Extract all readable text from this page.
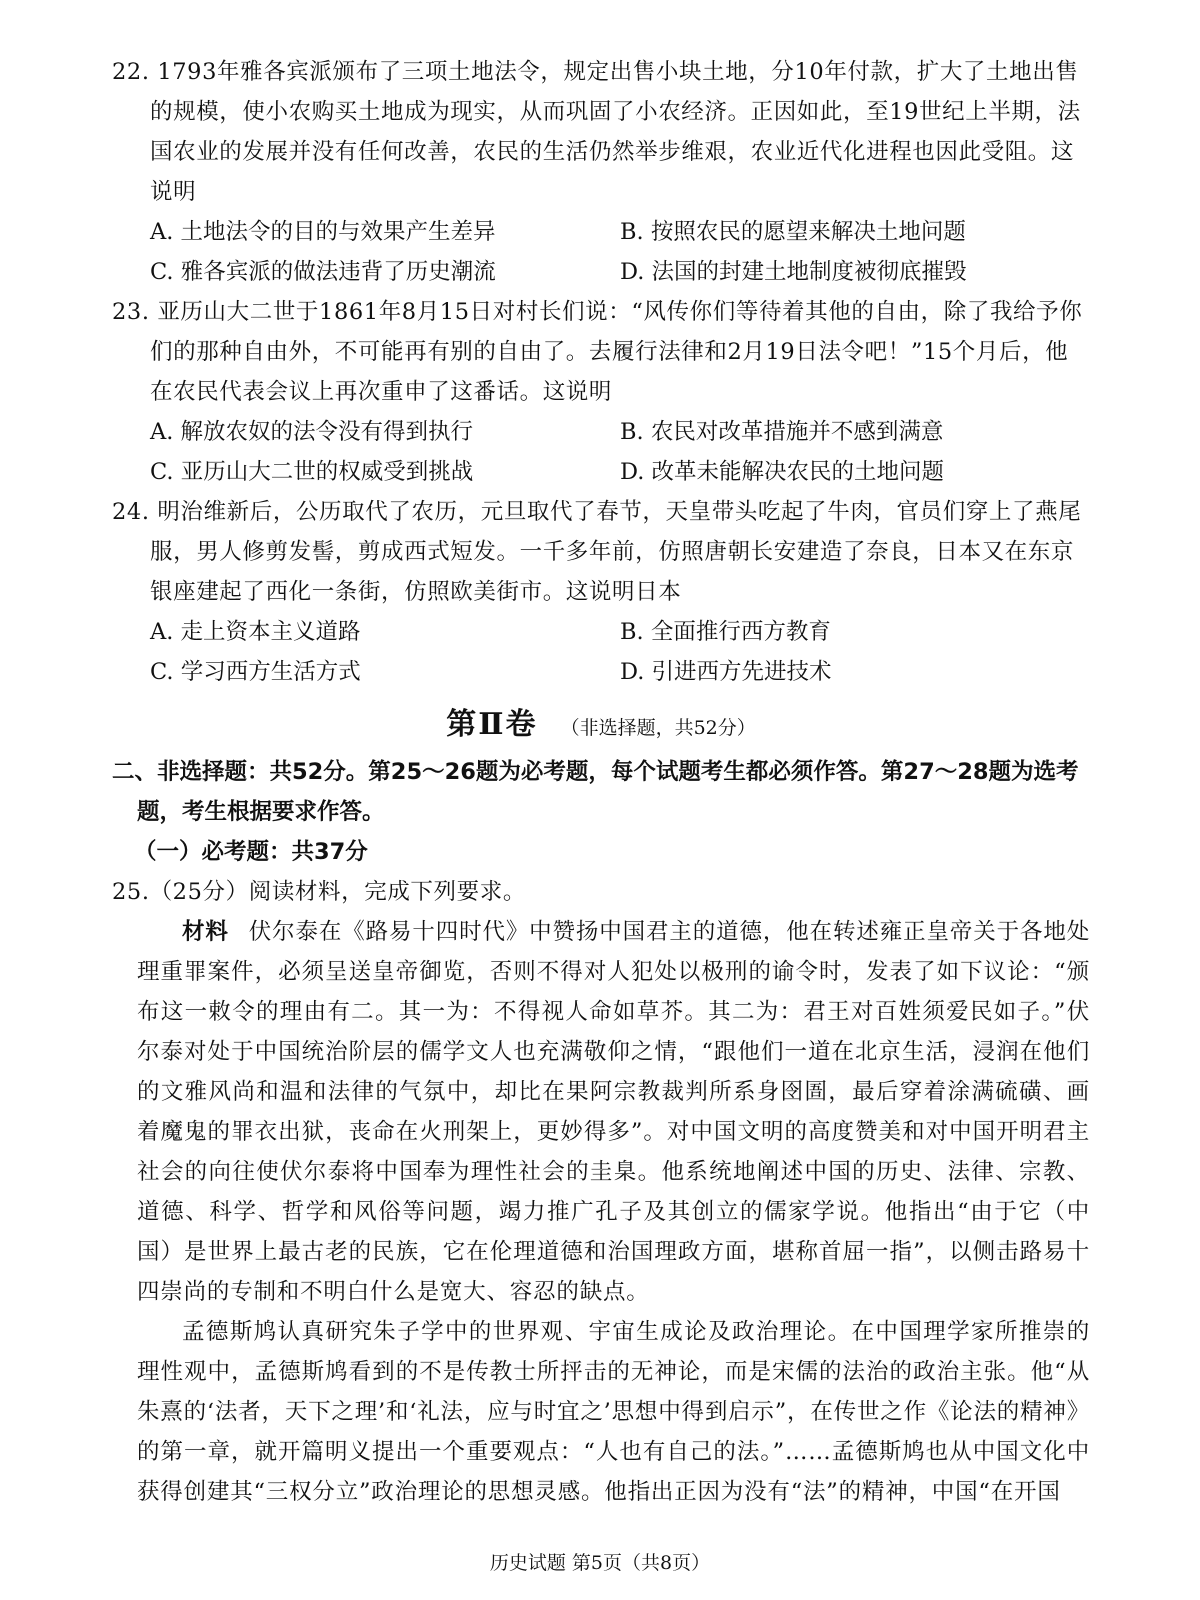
22. 1793年雅各宾派颁布了三项土地法令，规定出售小块土地，分10年付款，扩大了土地出售的规模，使小农购买土地成为现实，从而巩固了小农经济。正因如此，至19世纪上半期，法国农业的发展并没有任何改善，农民的生活仍然举步维艰，农业近代化进程也因此受阻。这说明
A. 土地法令的目的与效果产生差异	B. 按照农民的愿望来解决土地问题
C. 雅各宾派的做法违背了历史潮流	D. 法国的封建土地制度被彻底摧毁
23. 亚历山大二世于1861年8月15日对村长们说：“风传你们等待着其他的自由，除了我给予你们的那种自由外，不可能再有别的自由了。去履行法律和2月19日法令吧！”15个月后，他在农民代表会议上再次重申了这番话。这说明
A. 解放农奴的法令没有得到执行	B. 农民对改革措施并不感到满意
C. 亚历山大二世的权威受到挑战	D. 改革未能解决农民的土地问题
24. 明治维新后，公历取代了农历，元旦取代了春节，天皇带头吃起了牛肉，官员们穿上了燕尾服，男人修剪发髻，剪成西式短发。一千多年前，仿照唐朝长安建造了奈良，日本又在东京银座建起了西化一条街，仿照欧美街市。这说明日本
A. 走上资本主义道路	B. 全面推行西方教育
C. 学习西方生活方式	D. 引进西方先进技术
第Ⅱ卷 （非选择题，共52分）
二、非选择题：共52分。第25～26题为必考题，每个试题考生都必须作答。第27～28题为选考题，考生根据要求作答。
（一）必考题：共37分
25.（25分）阅读材料，完成下列要求。
材料 伏尔泰在《路易十四时代》中赞扬中国君主的道德，他在转述雍正皇帝关于各地处理重罪案件，必须呈送皇帝御览，否则不得对人犯处以极刑的谕令时，发表了如下议论：“颁布这一敕令的理由有二。其一为：不得视人命如草芥。其二为：君王对百姓须爱民如子。”伏尔泰对处于中国统治阶层的儒学文人也充满敬仰之情，“跟他们一道在北京生活，浸润在他们的文雅风尚和温和法律的气氛中，却比在果阿宗教裁判所系身囹圄，最后穿着涂满硫磺、画着魔鬼的罪衣出狱，丧命在火刑架上，更妙得多”。对中国文明的高度赞美和对中国开明君主社会的向往使伏尔泰将中国奉为理性社会的圭臬。他系统地阐述中国的历史、法律、宗教、道德、科学、哲学和风俗等问题，竭力推广孔子及其创立的儒家学说。他指出“由于它（中国）是世界上最古老的民族，它在伦理道德和治国理政方面，堪称首屈一指”，以侧击路易十四崇尚的专制和不明白什么是宽大、容忍的缺点。
孟德斯鸠认真研究朱子学中的世界观、宇宙生成论及政治理论。在中国理学家所推崇的理性观中，孟德斯鸠看到的不是传教士所抨击的无神论，而是宋儒的法治的政治主张。他“从朱熹的‘法者，天下之理’和‘礼法，应与时宜之’思想中得到启示”，在传世之作《论法的精神》的第一章，就开篇明义提出一个重要观点：“人也有自己的法。”……孟德斯鸠也从中国文化中获得创建其“三权分立”政治理论的思想灵感。他指出正因为没有“法”的精神，中国“在开国
历史试题 第5页（共8页）
